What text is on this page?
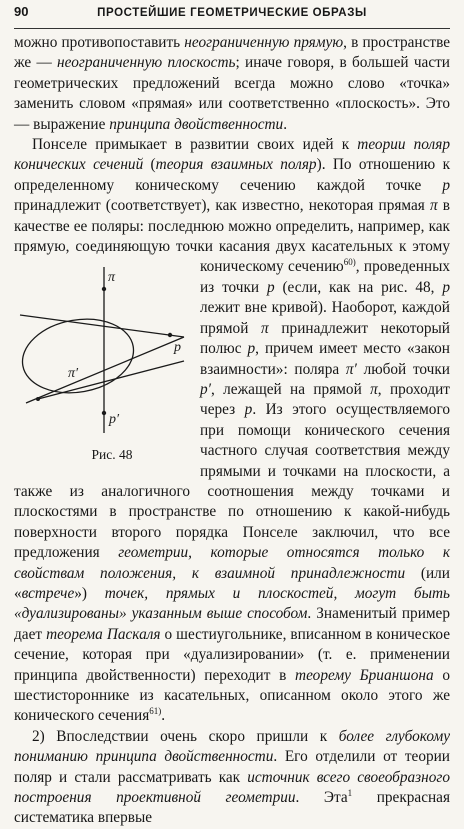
90	ПРОСТЕЙШИЕ ГЕОМЕТРИЧЕСКИЕ ОБРАЗЫ

можно противопоставить неограниченную прямую, в пространстве же — неограниченную плоскость; иначе говоря, в большей части геометрических предложений всегда можно слово «точка» заменить словом «прямая» или соответственно «плоскость». Это — выражение принципа двойственности.

Понселе примыкает в развитии своих идей к теории поляр конических сечений (теория взаимных поляр). По отношению к определенному коническому сечению каждой точке p принадлежит (соответствует), как известно, некоторая прямая π в качестве ее поляры: последнюю можно определить, например, как прямую, соединяющую точки касания двух касательных к этому коническому сечению
π
p
π′
p′
Рис. 48
$^{60)}$, проведенных из точки p (если, как на рис. 48, p лежит вне кривой). Наоборот, каждой прямой π принадлежит некоторый полюс p, причем имеет место «закон взаимности»: поляра π′ любой точки p′, лежащей на прямой π, проходит через p. Из этого осуществляемого при помощи конического сечения частного случая соответствия между прямыми и точками на плоскости, а также из аналогичного соотношения между точками и плоскостями в пространстве по отношению к какой-нибудь поверхности второго порядка Понселе заключил, что все предложения геометрии, которые относятся только к свойствам положения, к взаимной принадлежности (или «встрече») точек, прямых и плоскостей, могут быть «дуализированы» указанным выше способом. Знаменитый пример дает теорема Паскаля о шестиугольнике, вписанном в коническое сечение, которая при «дуализировании» (т. е. применении принципа двойственности) переходит в теорему Брианшона о шестистороннике из касательных, описанном около этого же конического сечения$^{61)}$.

2) Впоследствии очень скоро пришли к более глубокому пониманию принципа двойственности. Его отделили от теории поляр и стали рассматривать как источник всего своеобразного построения проективной геометрии. Эта$^1$ прекрасная систематика впервые
